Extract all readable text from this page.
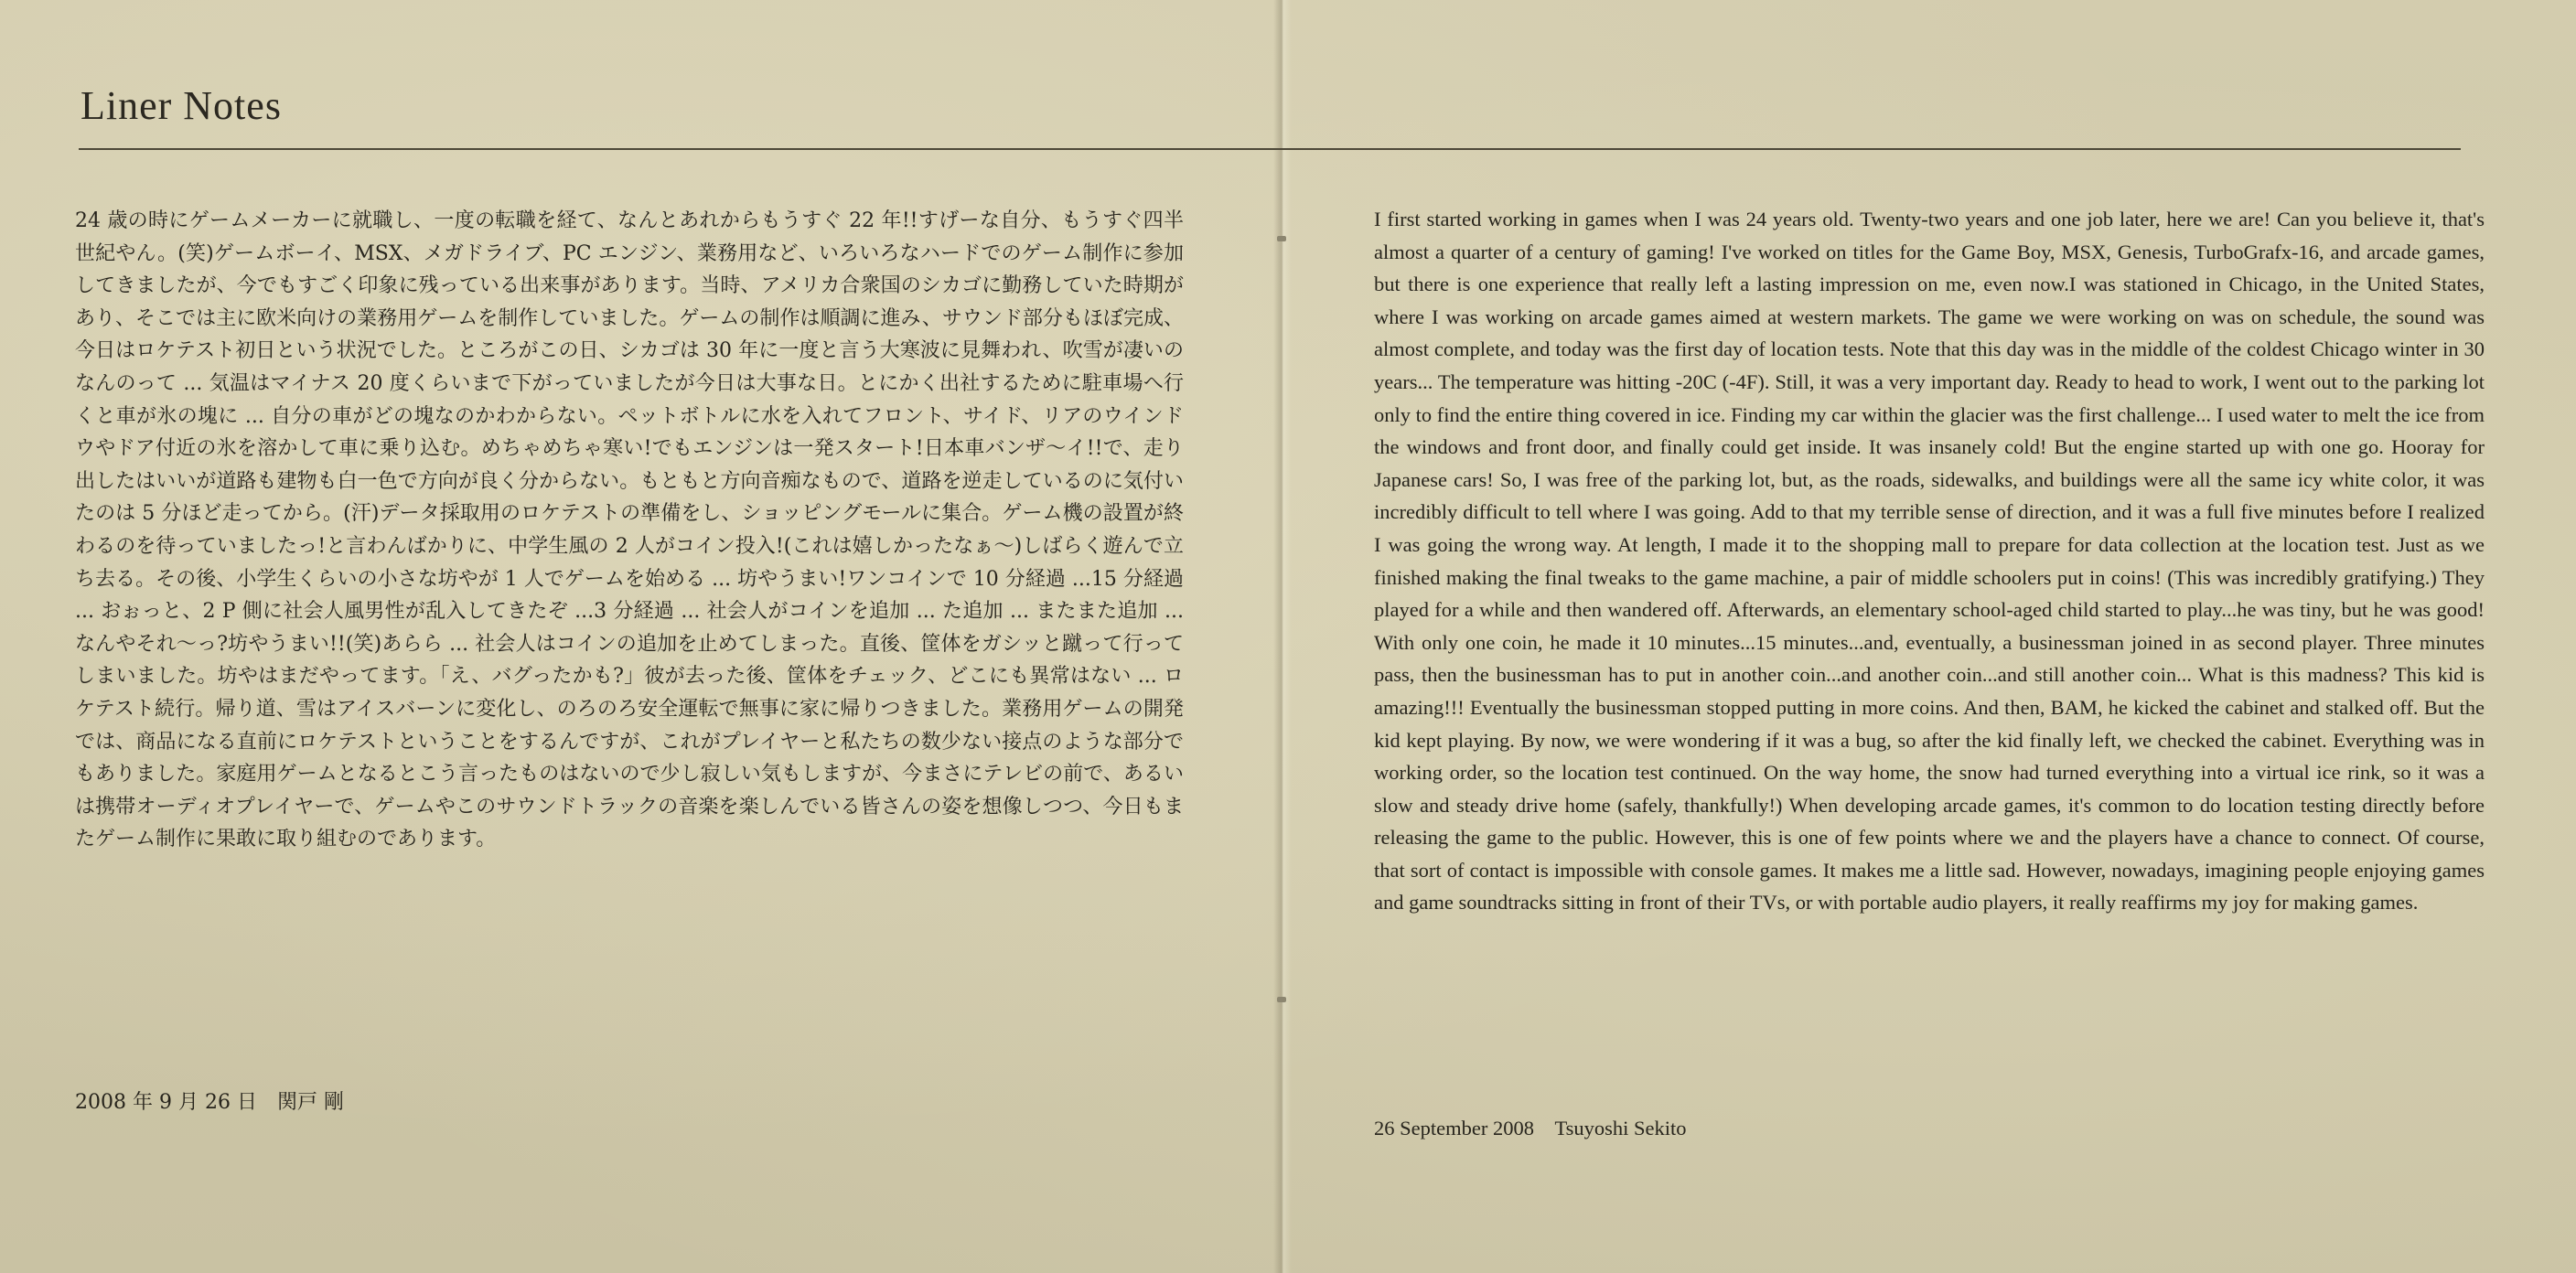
Liner Notes

24 歳の時にゲームメーカーに就職し、一度の転職を経て、なんとあれからもうすぐ 22 年!!すげーな自分、もうすぐ四半世紀やん。(笑)ゲームボーイ、MSX、メガドライブ、PC エンジン、業務用など、いろいろなハードでのゲーム制作に参加してきましたが、今でもすごく印象に残っている出来事があります。当時、アメリカ合衆国のシカゴに勤務していた時期があり、そこでは主に欧米向けの業務用ゲームを制作していました。ゲームの制作は順調に進み、サウンド部分もほぼ完成、今日はロケテスト初日という状況でした。ところがこの日、シカゴは 30 年に一度と言う大寒波に見舞われ、吹雪が凄いのなんのって ... 気温はマイナス 20 度くらいまで下がっていましたが今日は大事な日。とにかく出社するために駐車場へ行くと車が氷の塊に ... 自分の車がどの塊なのかわからない。ペットボトルに水を入れてフロント、サイド、リアのウインドウやドア付近の氷を溶かして車に乗り込む。めちゃめちゃ寒い!でもエンジンは一発スタート!日本車バンザ〜イ!!で、走り出したはいいが道路も建物も白一色で方向が良く分からない。もともと方向音痴なもので、道路を逆走しているのに気付いたのは 5 分ほど走ってから。(汗)データ採取用のロケテストの準備をし、ショッピングモールに集合。ゲーム機の設置が終わるのを待っていましたっ!と言わんばかりに、中学生風の 2 人がコイン投入!(これは嬉しかったなぁ〜)しばらく遊んで立ち去る。その後、小学生くらいの小さな坊やが 1 人でゲームを始める ... 坊やうまい!ワンコインで 10 分経過 ...15 分経過 ... おぉっと、2 P 側に社会人風男性が乱入してきたぞ ...3 分経過 ... 社会人がコインを追加 ... た追加 ... またまた追加 ... なんやそれ〜っ?坊やうまい!!(笑)あらら ... 社会人はコインの追加を止めてしまった。直後、筐体をガシッと蹴って行ってしまいました。坊やはまだやってます。「え、バグったかも?」彼が去った後、筐体をチェック、どこにも異常はない ... ロケテスト続行。帰り道、雪はアイスバーンに変化し、のろのろ安全運転で無事に家に帰りつきました。業務用ゲームの開発では、商品になる直前にロケテストということをするんですが、これがプレイヤーと私たちの数少ない接点のような部分でもありました。家庭用ゲームとなるとこう言ったものはないので少し寂しい気もしますが、今まさにテレビの前で、あるいは携帯オーディオプレイヤーで、ゲームやこのサウンドトラックの音楽を楽しんでいる皆さんの姿を想像しつつ、今日もまたゲーム制作に果敢に取り組むのであります。

2008 年 9 月 26 日　関戸 剛

I first started working in games when I was 24 years old. Twenty-two years and one job later, here we are! Can you believe it, that's almost a quarter of a century of gaming! I've worked on titles for the Game Boy, MSX, Genesis, TurboGrafx-16, and arcade games, but there is one experience that really left a lasting impression on me, even now.I was stationed in Chicago, in the United States, where I was working on arcade games aimed at western markets. The game we were working on was on schedule, the sound was almost complete, and today was the first day of location tests. Note that this day was in the middle of the coldest Chicago winter in 30 years... The temperature was hitting -20C (-4F). Still, it was a very important day. Ready to head to work, I went out to the parking lot only to find the entire thing covered in ice. Finding my car within the glacier was the first challenge... I used water to melt the ice from the windows and front door, and finally could get inside. It was insanely cold! But the engine started up with one go. Hooray for Japanese cars! So, I was free of the parking lot, but, as the roads, sidewalks, and buildings were all the same icy white color, it was incredibly difficult to tell where I was going. Add to that my terrible sense of direction, and it was a full five minutes before I realized I was going the wrong way. At length, I made it to the shopping mall to prepare for data collection at the location test. Just as we finished making the final tweaks to the game machine, a pair of middle schoolers put in coins! (This was incredibly gratifying.) They played for a while and then wandered off. Afterwards, an elementary school-aged child started to play...he was tiny, but he was good! With only one coin, he made it 10 minutes...15 minutes...and, eventually, a businessman joined in as second player. Three minutes pass, then the businessman has to put in another coin...and another coin...and still another coin... What is this madness? This kid is amazing!!! Eventually the businessman stopped putting in more coins. And then, BAM, he kicked the cabinet and stalked off. But the kid kept playing. By now, we were wondering if it was a bug, so after the kid finally left, we checked the cabinet. Everything was in working order, so the location test continued. On the way home, the snow had turned everything into a virtual ice rink, so it was a slow and steady drive home (safely, thankfully!) When developing arcade games, it's common to do location testing directly before releasing the game to the public. However, this is one of few points where we and the players have a chance to connect. Of course, that sort of contact is impossible with console games. It makes me a little sad. However, nowadays, imagining people enjoying games and game soundtracks sitting in front of their TVs, or with portable audio players, it really reaffirms my joy for making games.

26 September 2008　Tsuyoshi Sekito
